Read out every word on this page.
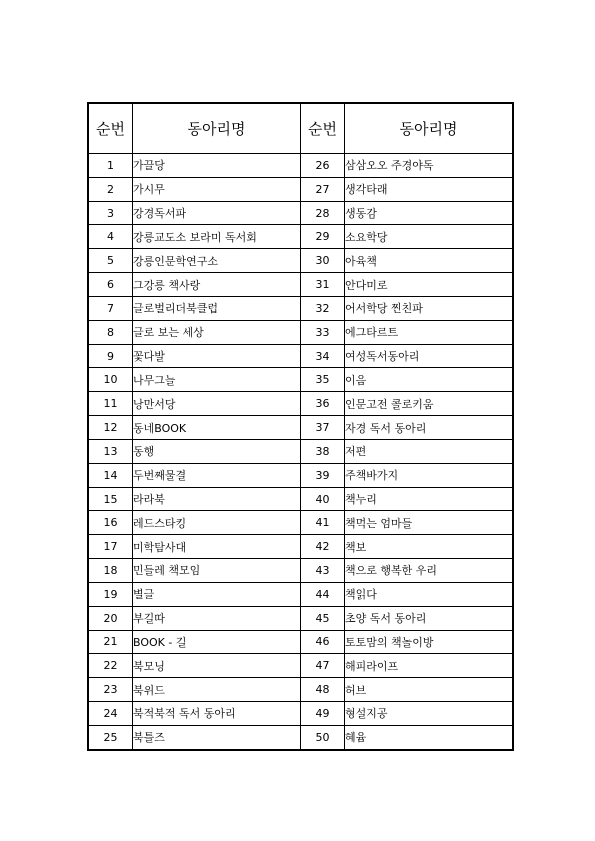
순번	동아리명	순번	동아리명
1	가끌당	26	삼삼오오 주경야독
2	가시무	27	생각타래
3	강경독서파	28	생동감
4	강릉교도소 보라미 독서회	29	소요학당
5	강릉인문학연구소	30	아육책
6	그강릉 책사랑	31	안다미로
7	글로벌리더북클럽	32	어서학당 찐친파
8	글로 보는 세상	33	에그타르트
9	꽃다발	34	여성독서동아리
10	나무그늘	35	이음
11	낭만서당	36	인문고전 콜로키움
12	동네BOOK	37	자경 독서 동아리
13	동행	38	저편
14	두번째물결	39	주책바가지
15	라라북	40	책누리
16	레드스타킹	41	책먹는 엄마들
17	미학탐사대	42	책보
18	민들레 책모임	43	책으로 행복한 우리
19	별글	44	책읽다
20	부길따	45	초양 독서 동아리
21	BOOK - 길	46	토토맘의 책놀이방
22	북모닝	47	해피라이프
23	북위드	48	허브
24	북적북적 독서 동아리	49	형설지공
25	북틀즈	50	혜윰
